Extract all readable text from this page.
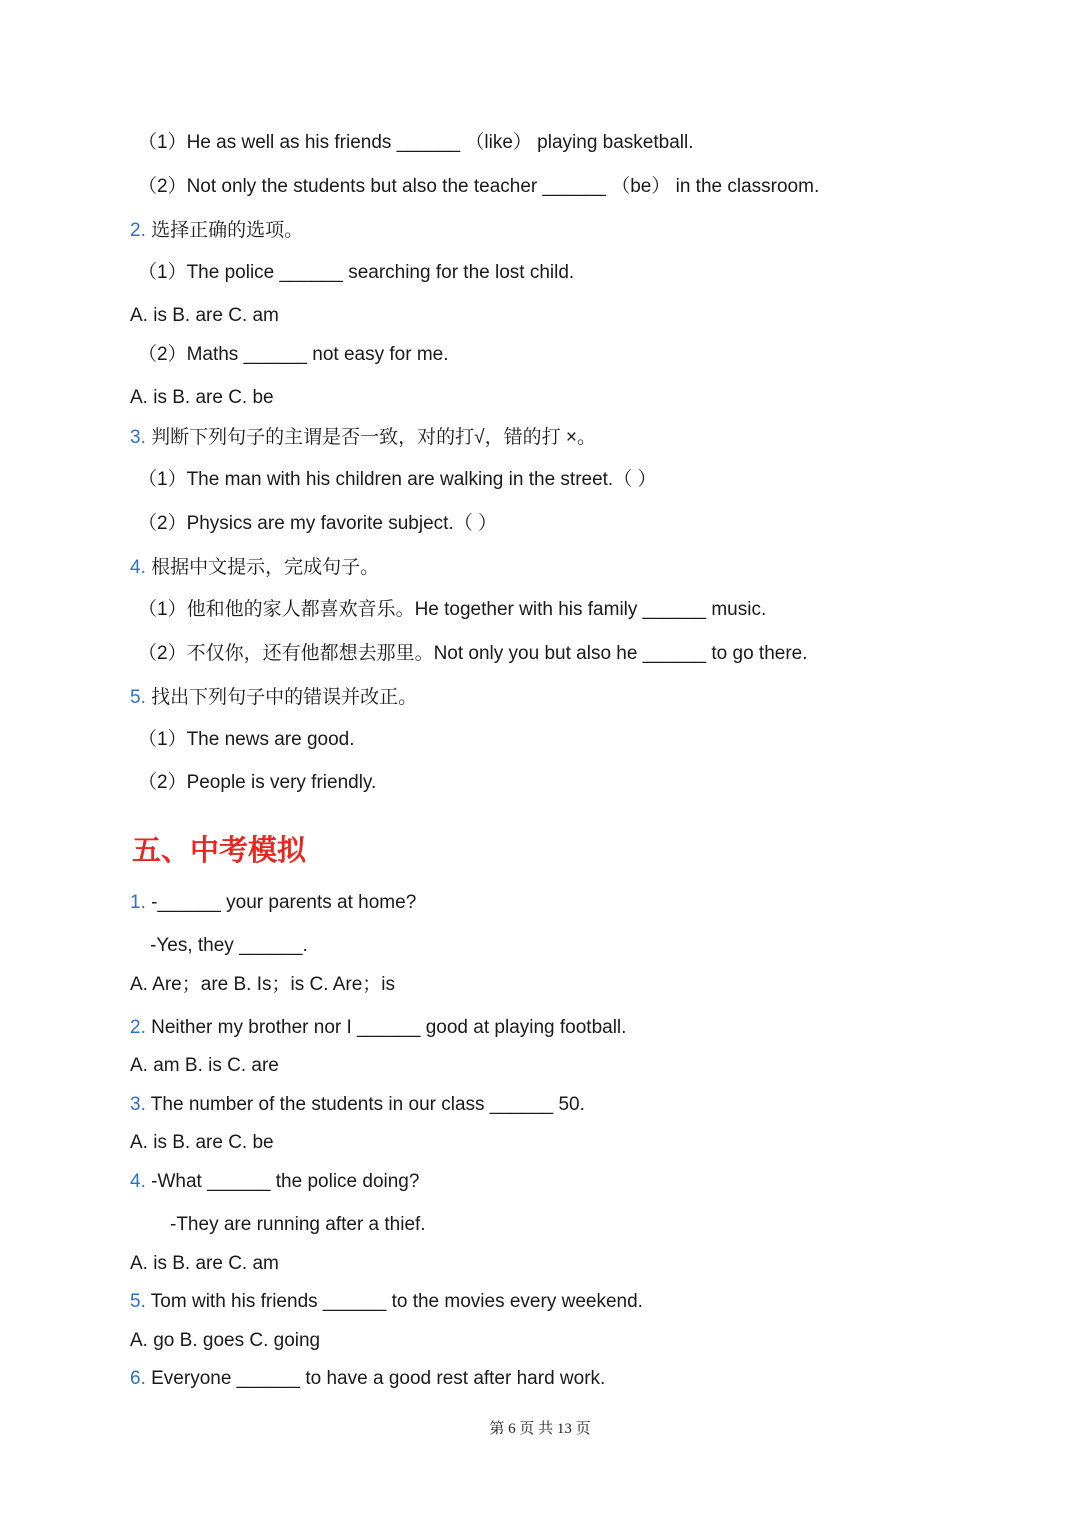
（1）He as well as his friends ______ （like） playing basketball.
（2）Not only the students but also the teacher ______ （be） in the classroom.
2. 选择正确的选项。
（1）The police ______ searching for the lost child.
A. is B. are C. am
（2）Maths ______ not easy for me.
A. is B. are C. be
3. 判断下列句子的主谓是否一致，对的打√，错的打 ×。
（1）The man with his children are walking in the street.（ ）
（2）Physics are my favorite subject.（ ）
4. 根据中文提示，完成句子。
（1）他和他的家人都喜欢音乐。He together with his family ______ music.
（2）不仅你，还有他都想去那里。Not only you but also he ______ to go there.
5. 找出下列句子中的错误并改正。
（1）The news are good.
（2）People is very friendly.
1. -______ your parents at home?
-Yes, they ______.
A. Are；are B. Is；is C. Are；is
2. Neither my brother nor I ______ good at playing football.
A. am B. is C. are
3. The number of the students in our class ______ 50.
A. is B. are C. be
4. -What ______ the police doing?
-They are running after a thief.
A. is B. are C. am
5. Tom with his friends ______ to the movies every weekend.
A. go B. goes C. going
6. Everyone ______ to have a good rest after hard work.
五、中考模拟
第 6 页 共 13 页
